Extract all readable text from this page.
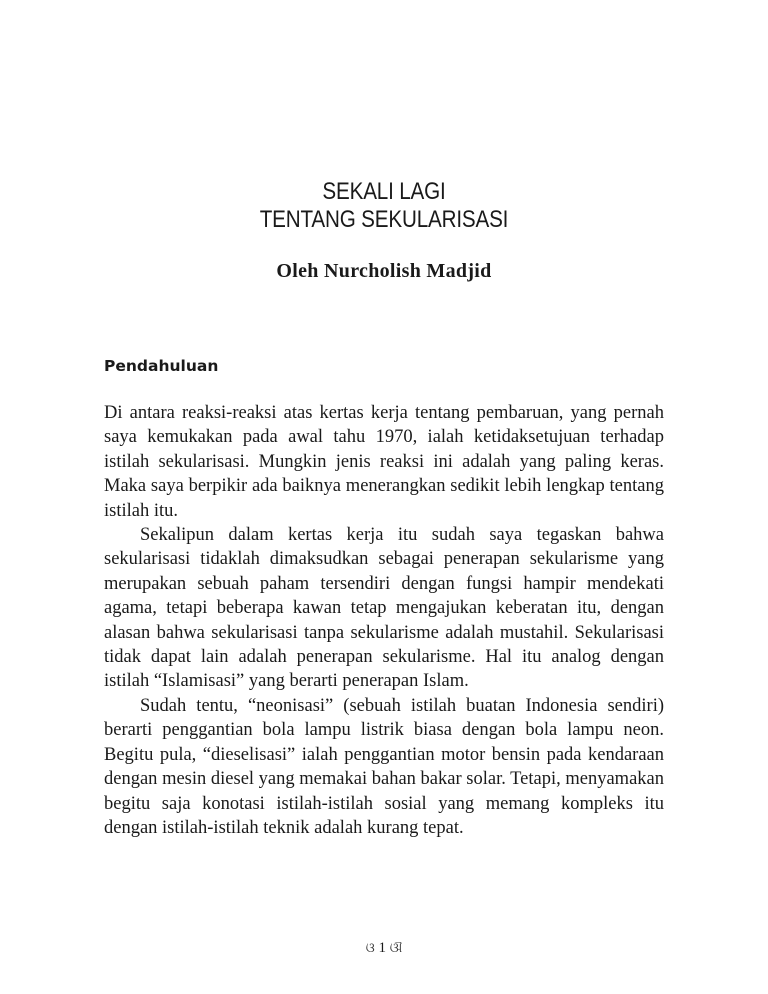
SEKALI LAGI
TENTANG SEKULARISASI
Oleh Nurcholish Madjid
Pendahuluan

Di antara reaksi-reaksi atas kertas kerja tentang pembaruan, yang pernah saya kemukakan pada awal tahu 1970, ialah ketidaksetujuan terhadap istilah sekularisasi. Mungkin jenis reaksi ini adalah yang paling keras. Maka saya berpikir ada baiknya menerangkan sedikit lebih lengkap tentang istilah itu.

Sekalipun dalam kertas kerja itu sudah saya tegaskan bahwa sekularisasi tidaklah dimaksudkan sebagai penerapan sekularisme yang merupakan sebuah paham tersendiri dengan fungsi hampir mendekati agama, tetapi beberapa kawan tetap mengajukan keberatan itu, dengan alasan bahwa sekularisasi tanpa sekularisme adalah mustahil. Sekularisasi tidak dapat lain adalah penerapan sekularisme. Hal itu analog dengan istilah “Islamisasi” yang berarti penerapan Islam.

Sudah tentu, “neonisasi” (sebuah istilah buatan Indonesia sendiri) berarti penggantian bola lampu listrik biasa dengan bola lampu neon. Begitu pula, “dieselisasi” ialah penggantian motor bensin pada kendaraan dengan mesin diesel yang memakai bahan bakar solar. Tetapi, menyamakan begitu saja konotasi istilah-istilah sosial yang memang kompleks itu dengan istilah-istilah teknik adalah kurang tepat.

ଓ 1 ଔ
